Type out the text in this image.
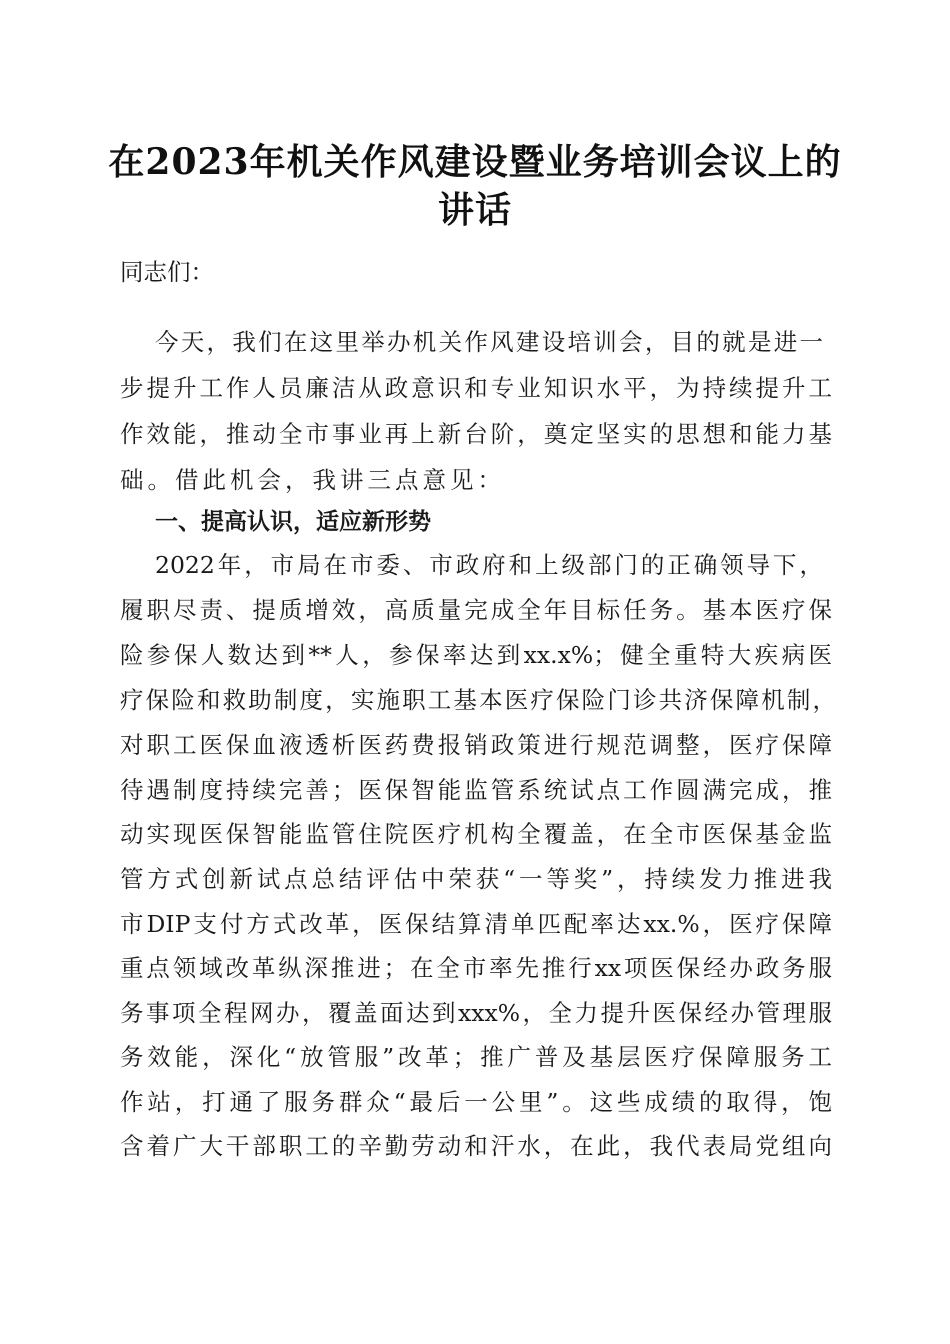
在2023年机关作风建设暨业务培训会议上的
讲话

同志们：

今天，我们在这里举办机关作风建设培训会，目的就是进一

步提升工作人员廉洁从政意识和专业知识水平，为持续提升工

作效能，推动全市事业再上新台阶，奠定坚实的思想和能力基

础。借此机会，我讲三点意见：

一、提高认识，适应新形势

2022年，市局在市委、市政府和上级部门的正确领导下，

履职尽责、提质增效，高质量完成全年目标任务。基本医疗保

险参保人数达到**人，参保率达到xx.x%；健全重特大疾病医

疗保险和救助制度，实施职工基本医疗保险门诊共济保障机制，

对职工医保血液透析医药费报销政策进行规范调整，医疗保障

待遇制度持续完善；医保智能监管系统试点工作圆满完成，推

动实现医保智能监管住院医疗机构全覆盖，在全市医保基金监

管方式创新试点总结评估中荣获“一等奖”，持续发力推进我

市DIP支付方式改革，医保结算清单匹配率达xx.%，医疗保障

重点领域改革纵深推进；在全市率先推行xx项医保经办政务服

务事项全程网办，覆盖面达到xxx%，全力提升医保经办管理服

务效能，深化“放管服”改革；推广普及基层医疗保障服务工

作站，打通了服务群众“最后一公里”。这些成绩的取得，饱

含着广大干部职工的辛勤劳动和汗水，在此，我代表局党组向
